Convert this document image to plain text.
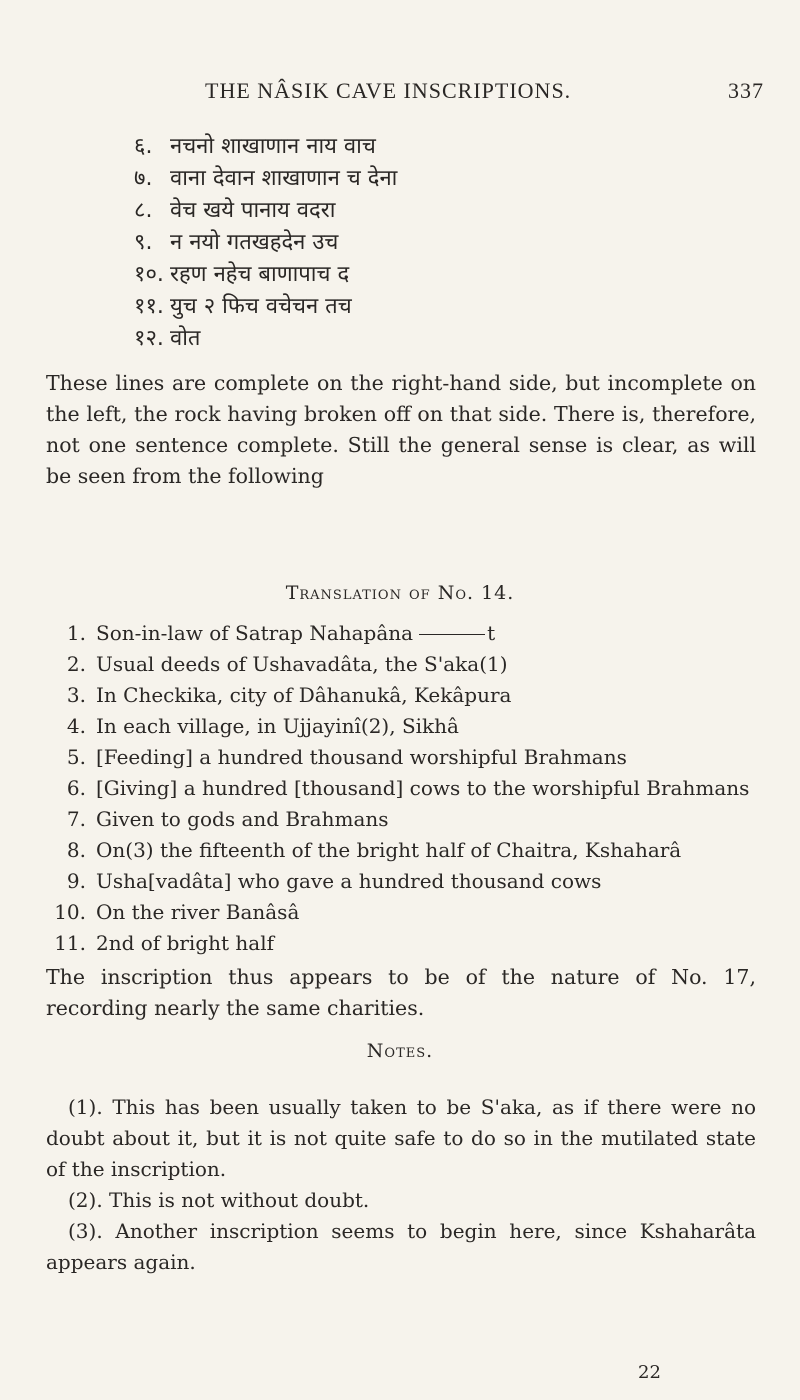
THE NÂSIK CAVE INSCRIPTIONS.	337
६. नचनो शाखाणान नाय वाच
७. वाना देवान शाखाणान च देना
८. वेच खये पानाय वदरा
९. न नयो गतखहदेन उच
१०. रहण नहेच बाणापाच द
११. युच २ फिच वचेचन तच
१२. वोत
These lines are complete on the right-hand side, but incomplete on the left, the rock having broken off on that side. There is, therefore, not one sentence complete. Still the general sense is clear, as will be seen from the following
Translation of No. 14.
1. Son-in-law of Satrap Nahapâna	t
2. Usual deeds of Ushavadâta, the S'aka(1)
3. In Checkika, city of Dâhanukâ, Kekâpura
4. In each village, in Ujjayinî(2), Sikhâ
5. [Feeding] a hundred thousand worshipful Brahmans
6. [Giving] a hundred [thousand] cows to the worshipful Brahmans
7. Given to gods and Brahmans
8. On(3) the fifteenth of the bright half of Chaitra, Kshaharâ
9. Usha[vadâta] who gave a hundred thousand cows
10. On the river Banâsâ
11. 2nd of bright half
The inscription thus appears to be of the nature of No. 17, recording nearly the same charities.
Notes.

(1). This has been usually taken to be S'aka, as if there were no doubt about it, but it is not quite safe to do so in the mutilated state of the inscription.

(2). This is not without doubt.

(3). Another inscription seems to begin here, since Kshaharâta appears again.

22
